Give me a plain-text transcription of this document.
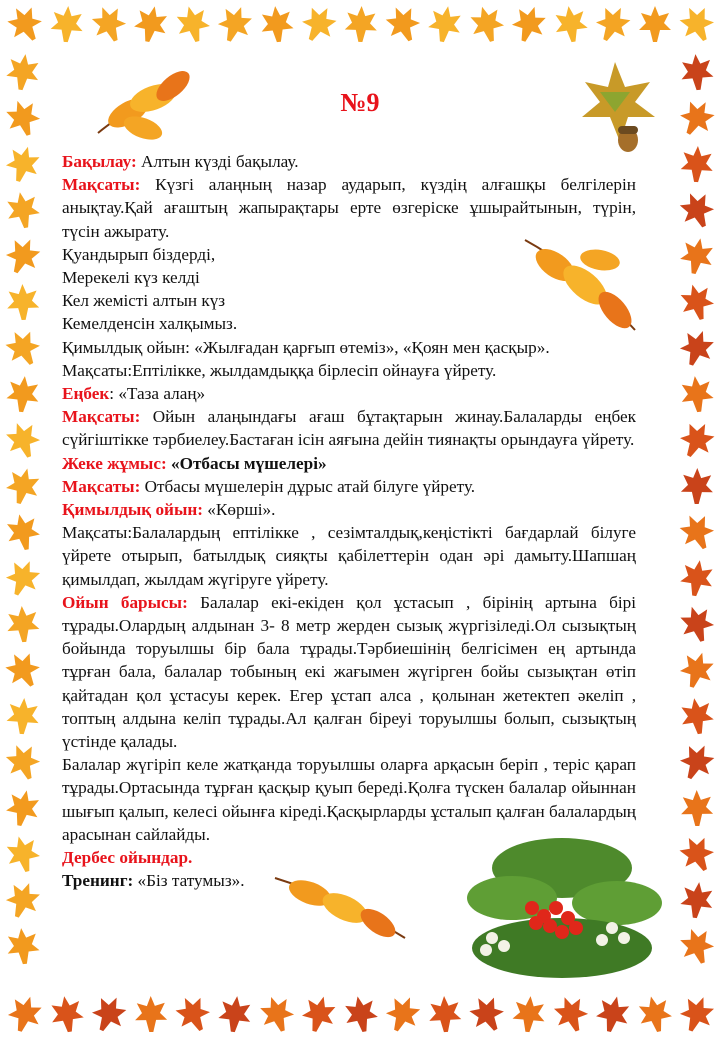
№9

Бақылау: Алтын күзді бақылау.

Мақсаты: Күзгі алаңның назар аударып, күздің алғашқы белгілерін анықтау.Қай ағаштың жапырақтары ерте өзгеріске ұшырайтынын, түрін, түсін ажырату.

Қуандырып біздерді,

Мерекелі күз келді

Кел жемісті алтын күз

Кемелденсін халқымыз.

Қимылдық ойын: «Жылғадан қарғып өтеміз», «Қоян мен қасқыр».

Мақсаты:Ептілікке, жылдамдыққа бірлесіп ойнауға үйрету.

Еңбек: «Таза алаң»

Мақсаты: Ойын алаңындағы ағаш бұтақтарын жинау.Балаларды еңбек сүйгіштікке тәрбиелеу.Бастаған ісін аяғына дейін тиянақты орындауға үйрету.

Жеке жұмыс: «Отбасы мүшелері»

Мақсаты: Отбасы мүшелерін дұрыс атай білуге үйрету.

Қимылдық ойын: «Көрші».

Мақсаты:Балалардың ептілікке , сезімталдық,кеңістікті бағдарлай білуге үйрете отырып, батылдық сияқты қабілеттерін одан әрі дамыту.Шапшаң қимылдап, жылдам жүгіруге үйрету.

Ойын барысы: Балалар екі-екіден қол ұстасып , бірінің артына бірі тұрады.Олардың алдынан 3- 8 метр жерден сызық жүргізіледі.Ол сызықтың бойында торуылшы бір бала тұрады.Тәрбиешінің белгісімен ең артында тұрған бала, балалар тобының екі жағымен жүгірген бойы сызықтан өтіп қайтадан қол ұстасуы керек. Егер ұстап алса , қолынан жетектеп әкеліп , топтың алдына келіп тұрады.Ал қалған біреуі торуылшы болып, сызықтың үстінде қалады.

Балалар жүгіріп келе жатқанда торуылшы оларға арқасын беріп , теріс қарап тұрады.Ортасында тұрған қасқыр қуып береді.Қолға түскен балалар ойыннан шығып қалып, келесі ойынға кіреді.Қасқырларды ұсталып қалған балалардың арасынан сайлайды.

Дербес ойындар.

Тренинг: «Біз татумыз».
